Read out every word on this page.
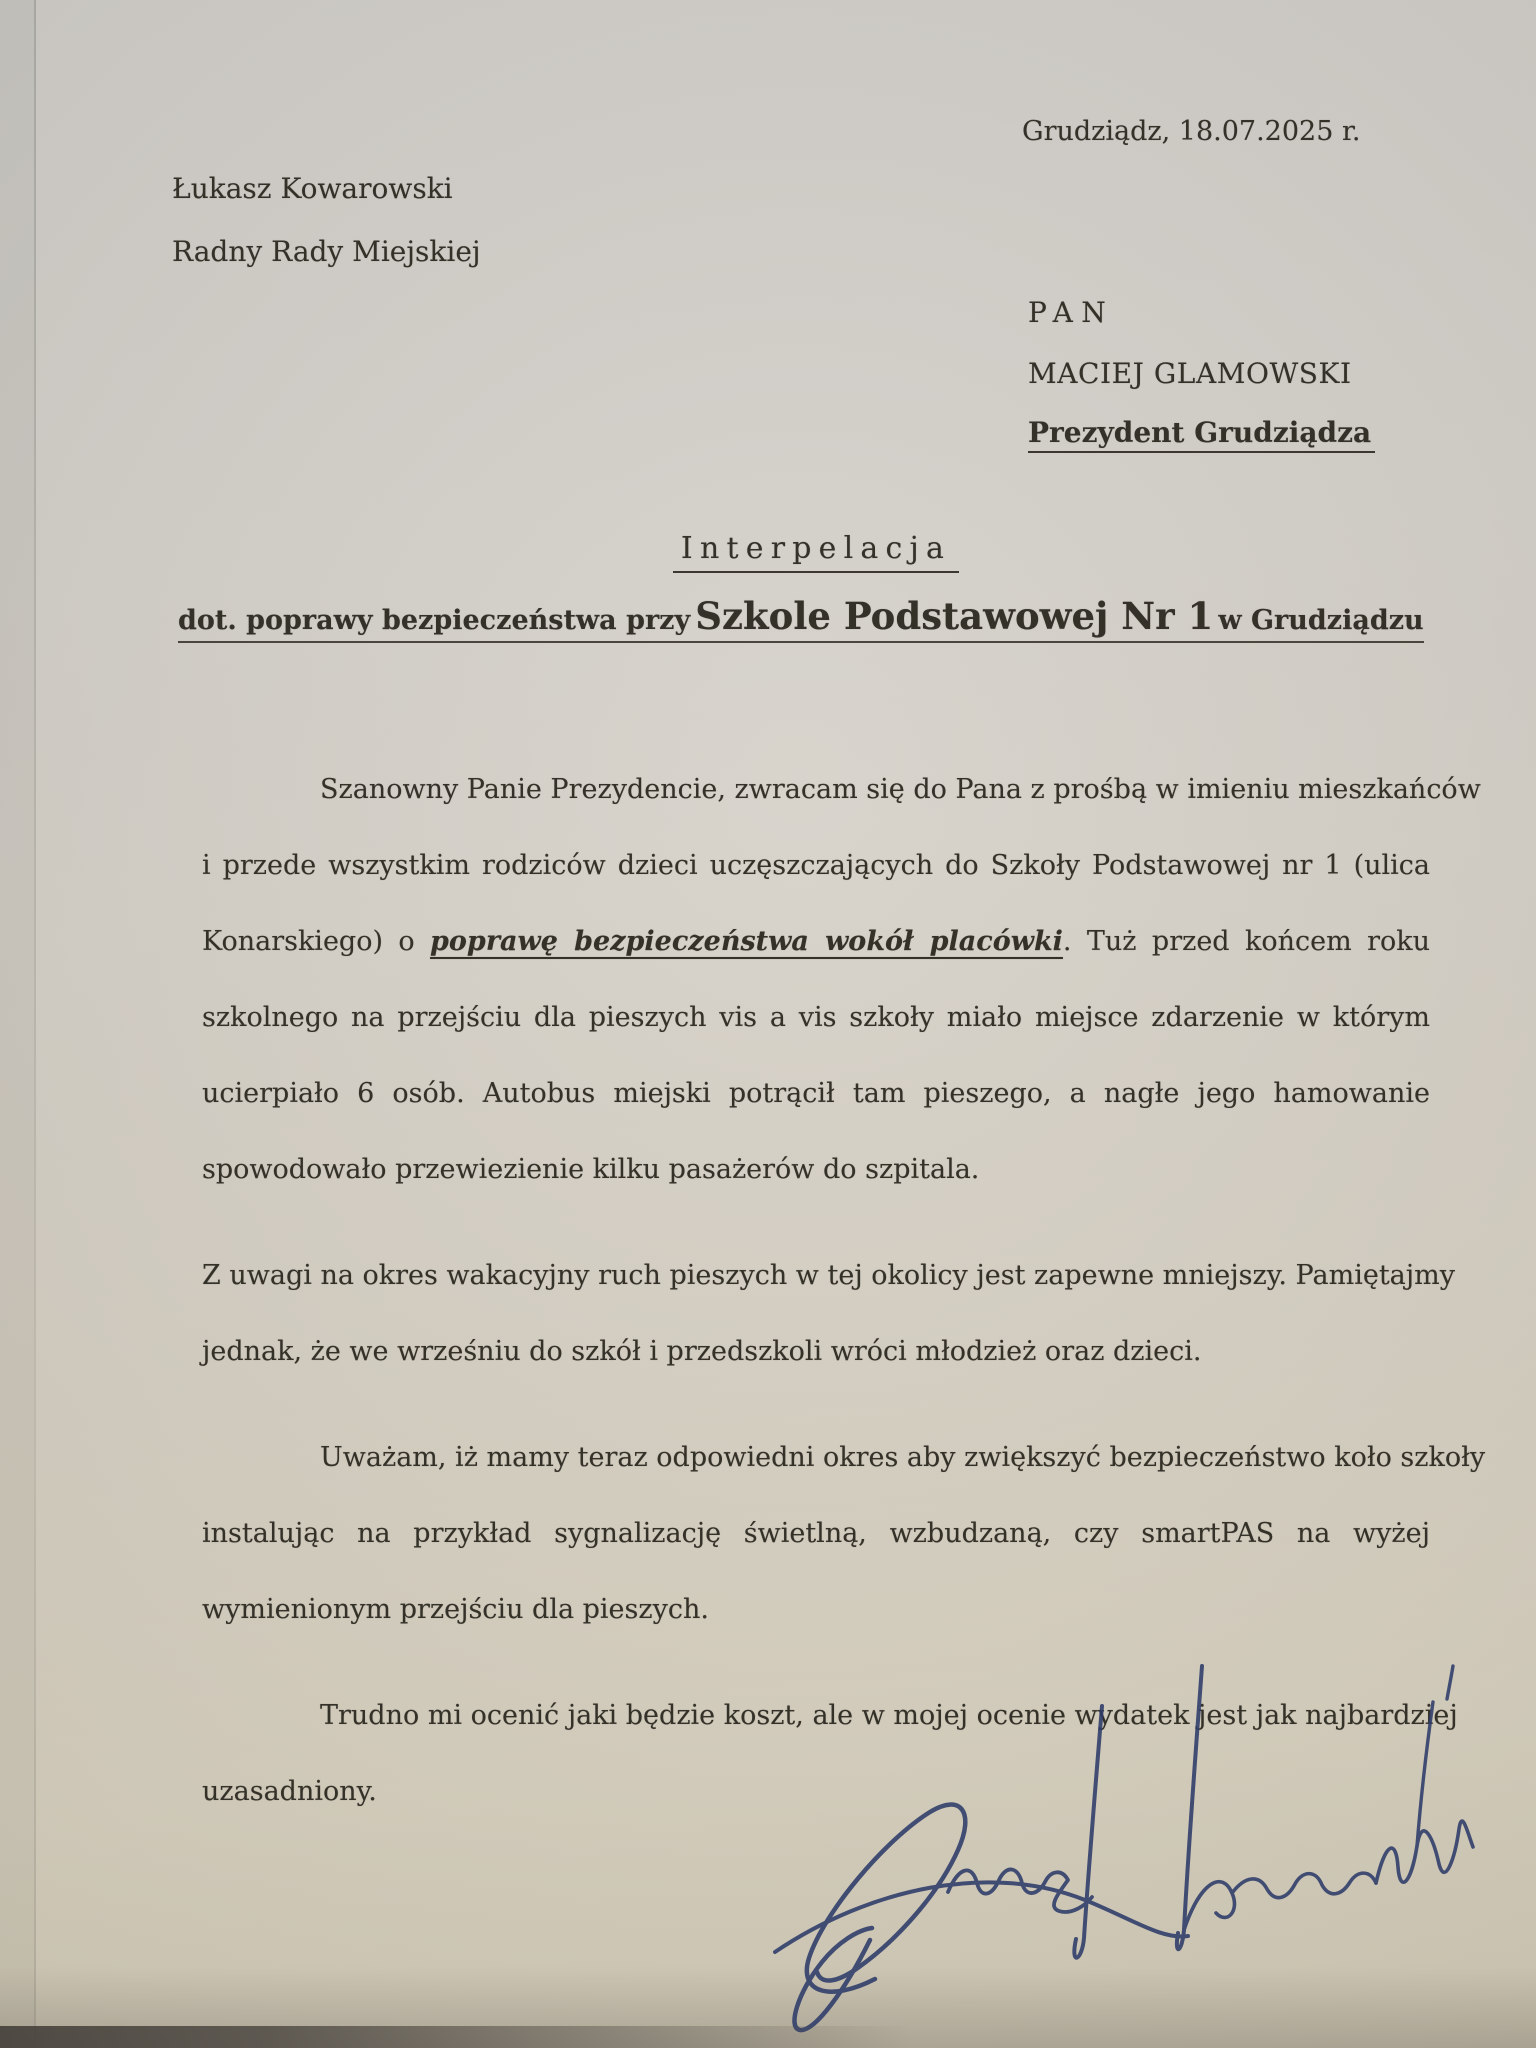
Grudziądz, 18.07.2025 r.
Łukasz Kowarowski
Radny Rady Miejskiej
PAN
MACIEJ GLAMOWSKI
Prezydent Grudziądza
Interpelacja
dot. poprawy bezpieczeństwa przy Szkole Podstawowej Nr 1 w Grudziądzu
Szanowny Panie Prezydencie, zwracam się do Pana z prośbą w imieniu mieszkańców
i przede wszystkim rodziców dzieci uczęszczających do Szkoły Podstawowej nr 1 (ulica
Konarskiego) o poprawę bezpieczeństwa wokół placówki. Tuż przed końcem roku
szkolnego na przejściu dla pieszych vis a vis szkoły miało miejsce zdarzenie w którym
ucierpiało 6 osób. Autobus miejski potrącił tam pieszego, a nagłe jego hamowanie
spowodowało przewiezienie kilku pasażerów do szpitala.
Z uwagi na okres wakacyjny ruch pieszych w tej okolicy jest zapewne mniejszy. Pamiętajmy
jednak, że we wrześniu do szkół i przedszkoli wróci młodzież oraz dzieci.
Uważam, iż mamy teraz odpowiedni okres aby zwiększyć bezpieczeństwo koło szkoły
instalując na przykład sygnalizację świetlną, wzbudzaną, czy smartPAS na wyżej
wymienionym przejściu dla pieszych.
Trudno mi ocenić jaki będzie koszt, ale w mojej ocenie wydatek jest jak najbardziej
uzasadniony.
